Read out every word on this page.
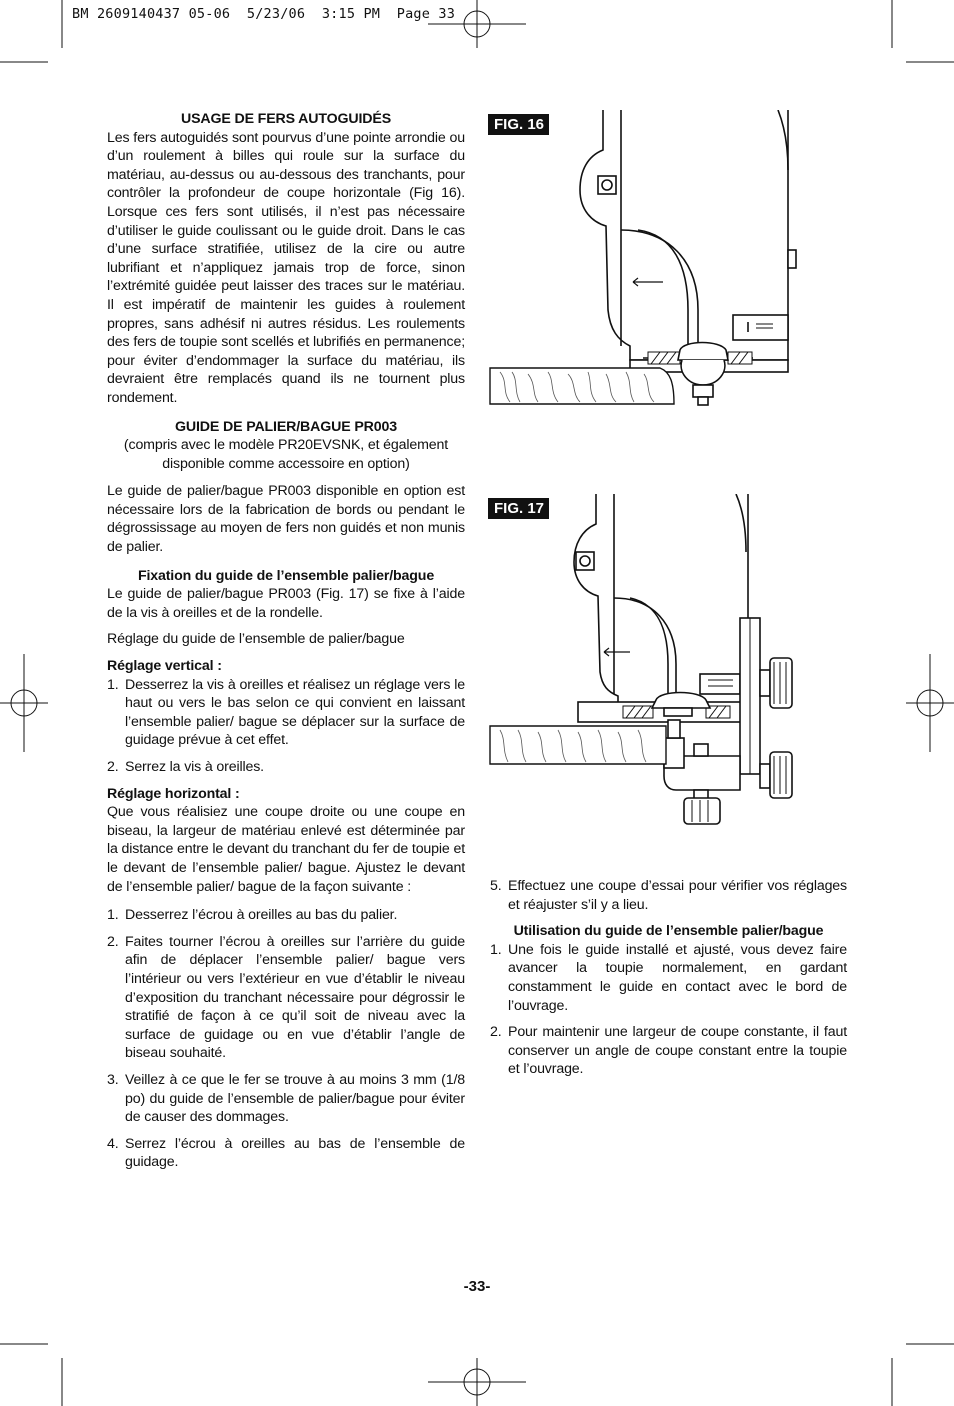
BM 2609140437 05-06  5/23/06  3:15 PM  Page 33
USAGE DE FERS AUTOGUIDÉS

Les fers autoguidés sont pourvus d’une pointe arrondie ou d’un roulement à billes qui roule sur la surface du matériau, au-dessus ou au-dessous des tranchants, pour contrôler la profondeur de coupe horizontale (Fig 16). Lorsque ces fers sont utilisés, il n’est pas nécessaire d’utiliser le guide coulissant ou le guide droit. Dans le cas d’une surface stratifiée, utilisez de la cire ou autre lubrifiant et n’appliquez jamais trop de force, sinon l’extrémité guidée peut laisser des traces sur le matériau. Il est impératif de maintenir les guides à roulement propres, sans adhésif ni autres résidus. Les roulements des fers de toupie sont scellés et lubrifiés en permanence; pour éviter d’endommager la surface du matériau, ils devraient être remplacés quand ils ne tournent plus rondement.

GUIDE DE PALIER/BAGUE PR003

(compris avec le modèle PR20EVSNK, et également disponible comme accessoire en option)

Le guide de palier/bague PR003 disponible en option est nécessaire lors de la fabrication de bords ou pendant le dégrossissage au moyen de fers non guidés et non munis de palier.

Fixation du guide de l’ensemble palier/bague

Le guide de palier/bague PR003 (Fig. 17) se fixe à l’aide de la vis à oreilles et de la rondelle.

Réglage du guide de l’ensemble de palier/bague

Réglage vertical :
1. Desserrez la vis à oreilles et réalisez un réglage vers le haut ou vers le bas selon ce qui convient en laissant l’ensemble palier/ bague se déplacer sur la surface de guidage prévue à cet effet.
2. Serrez la vis à oreilles.
Réglage horizontal :

Que vous réalisiez une coupe droite ou une coupe en biseau, la largeur de matériau enlevé est déterminée par la distance entre le devant du tranchant du fer de toupie et le devant de l’ensemble palier/ bague. Ajustez le devant de l’ensemble palier/ bague de la façon suivante :

1. Desserrez l’écrou à oreilles au bas du palier.
2. Faites tourner l’écrou à oreilles sur l’arrière du guide afin de déplacer l’ensemble palier/ bague vers l’intérieur ou vers l’extérieur en vue d’établir le niveau d’exposition du tranchant nécessaire pour dégrossir le stratifié de façon à ce qu’il soit de niveau avec la surface de guidage ou en vue d’établir l’angle de biseau souhaité.
3. Veillez à ce que le fer se trouve à au moins 3 mm (1/8 po) du guide de l’ensemble de palier/bague pour éviter de causer des dommages.
4. Serrez l’écrou à oreilles au bas de l’ensemble de guidage.
FIG. 16
FIG. 17
5. Effectuez une coupe d’essai pour vérifier vos réglages et réajuster s’il y a lieu.
Utilisation du guide de l’ensemble palier/bague
1. Une fois le guide installé et ajusté, vous devez faire avancer la toupie normalement, en gardant constamment le guide en contact avec le bord de l’ouvrage.
2. Pour maintenir une largeur de coupe constante, il faut conserver un angle de coupe constant entre la toupie et l’ouvrage.
-33-
